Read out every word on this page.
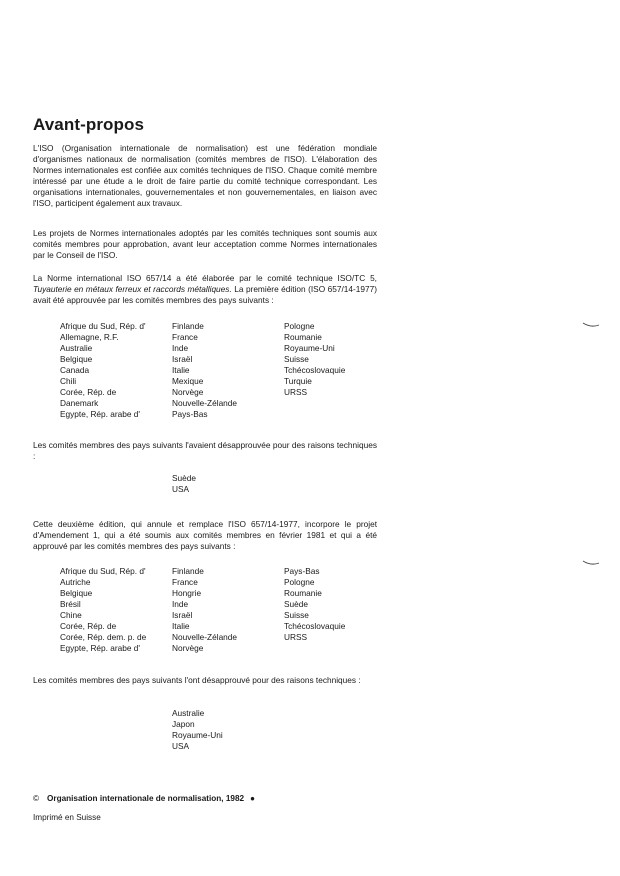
Avant-propos

L'ISO (Organisation internationale de normalisation) est une fédération mondiale d'organismes nationaux de normalisation (comités membres de l'ISO). L'élaboration des Normes internationales est confiée aux comités techniques de l'ISO. Chaque comité membre intéressé par une étude a le droit de faire partie du comité technique correspondant. Les organisations internationales, gouvernementales et non gouvernementales, en liaison avec l'ISO, participent également aux travaux.

Les projets de Normes internationales adoptés par les comités techniques sont soumis aux comités membres pour approbation, avant leur acceptation comme Normes internationales par le Conseil de l'ISO.

La Norme international ISO 657/14 a été élaborée par le comité technique ISO/TC 5, Tuyauterie en métaux ferreux et raccords métalliques. La première édition (ISO 657/14-1977) avait été approuvée par les comités membres des pays suivants :

Afrique du Sud, Rép. d'
Allemagne, R.F.
Australie
Belgique
Canada
Chili
Corée, Rép. de
Danemark
Egypte, Rép. arabe d'
Finlande
France
Inde
Israël
Italie
Mexique
Norvège
Nouvelle-Zélande
Pays-Bas
Pologne
Roumanie
Royaume-Uni
Suisse
Tchécoslovaquie
Turquie
URSS

Les comités membres des pays suivants l'avaient désapprouvée pour des raisons techniques :

Suède
USA

Cette deuxième édition, qui annule et remplace l'ISO 657/14-1977, incorpore le projet d'Amendement 1, qui a été soumis aux comités membres en février 1981 et qui a été approuvé par les comités membres des pays suivants :

Afrique du Sud, Rép. d'
Autriche
Belgique
Brésil
Chine
Corée, Rép. de
Corée, Rép. dem. p. de
Egypte, Rép. arabe d'
Finlande
France
Hongrie
Inde
Israël
Italie
Nouvelle-Zélande
Norvège
Pays-Bas
Pologne
Roumanie
Suède
Suisse
Tchécoslovaquie
URSS

Les comités membres des pays suivants l'ont désapprouvé pour des raisons techniques :

Australie
Japon
Royaume-Uni
USA
© Organisation internationale de normalisation, 1982 ●
Imprimé en Suisse
